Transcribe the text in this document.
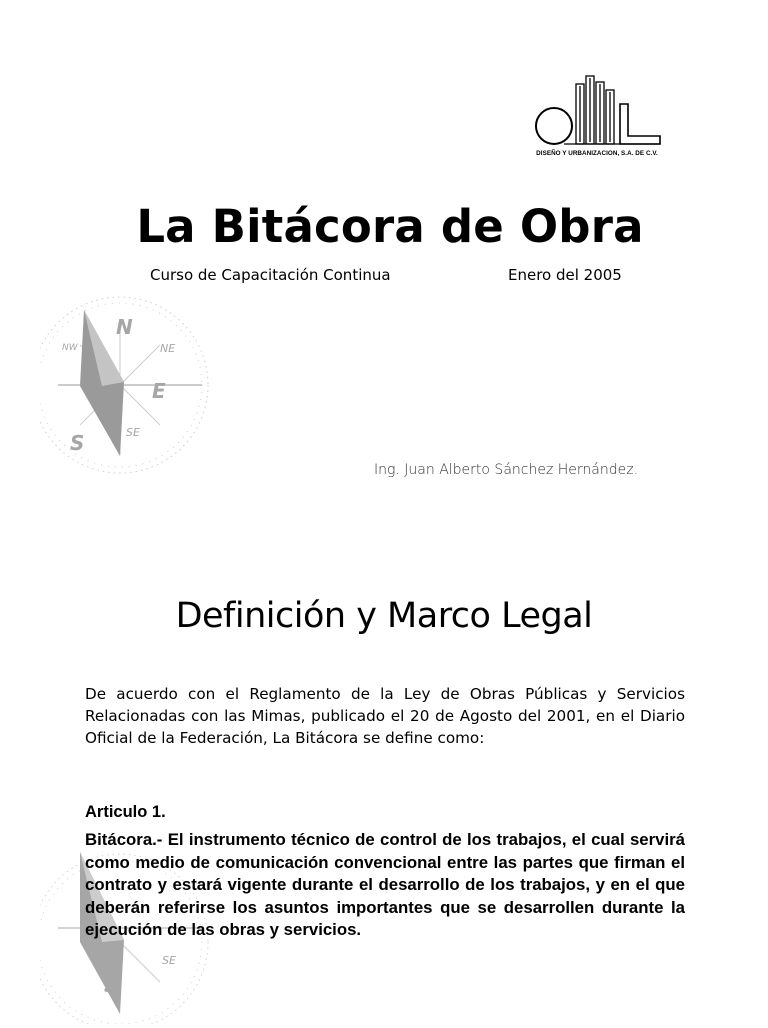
N
NE
E
SE
S
NW
SE
S
DISEÑO Y URBANIZACION, S.A. DE C.V.
La Bitácora de Obra
Curso de Capacitación Continua	Enero del 2005
Ing. Juan Alberto Sánchez Hernández.
Definición y Marco Legal
De acuerdo con el Reglamento de la Ley de Obras Públicas y Servicios Relacionadas con las Mimas, publicado el 20 de Agosto del 2001, en el Diario Oficial de la Federación, La Bitácora se define como:
Articulo 1.
Bitácora.- El instrumento técnico de control de los trabajos, el cual servirá como medio de comunicación convencional entre las partes que firman el contrato y estará vigente durante el desarrollo de los trabajos, y en el que deberán referirse los asuntos importantes que se desarrollen durante la ejecución de las obras y servicios.
